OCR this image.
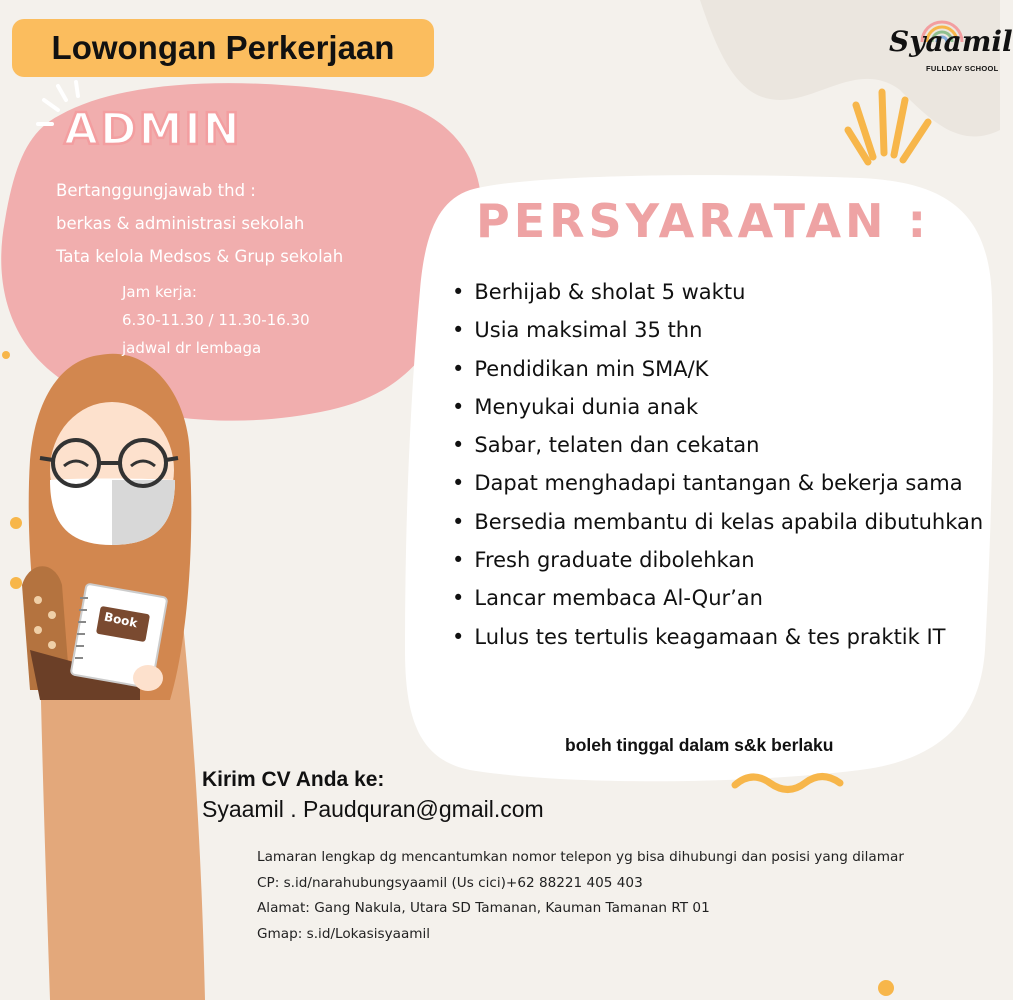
Lowongan Perkerjaan	Syaamil
FULLDAY SCHOOL
ADMIN
Bertanggungjawab thd :
berkas & administrasi sekolah
Tata kelola Medsos & Grup sekolah
Jam kerja:
6.30-11.30 / 11.30-16.30
jadwal dr lembaga
PERSYARATAN :
• Berhijab & sholat 5 waktu
• Usia maksimal 35 thn
• Pendidikan min SMA/K
• Menyukai dunia anak
• Sabar, telaten dan cekatan
• Dapat menghadapi tantangan & bekerja sama
• Bersedia membantu di kelas apabila dibutuhkan
• Fresh graduate dibolehkan
• Lancar membaca Al-Qur’an
• Lulus tes tertulis keagamaan & tes praktik IT
boleh tinggal dalam s&k berlaku
Kirim CV Anda ke:
Syaamil . Paudquran@gmail.com
Lamaran lengkap dg mencantumkan nomor telepon yg bisa dihubungi dan posisi yang dilamar
CP: s.id/narahubungsyaamil (Us cici)+62 88221 405 403
Alamat: Gang Nakula, Utara SD Tamanan, Kauman Tamanan RT 01
Gmap: s.id/Lokasisyaamil
Book
